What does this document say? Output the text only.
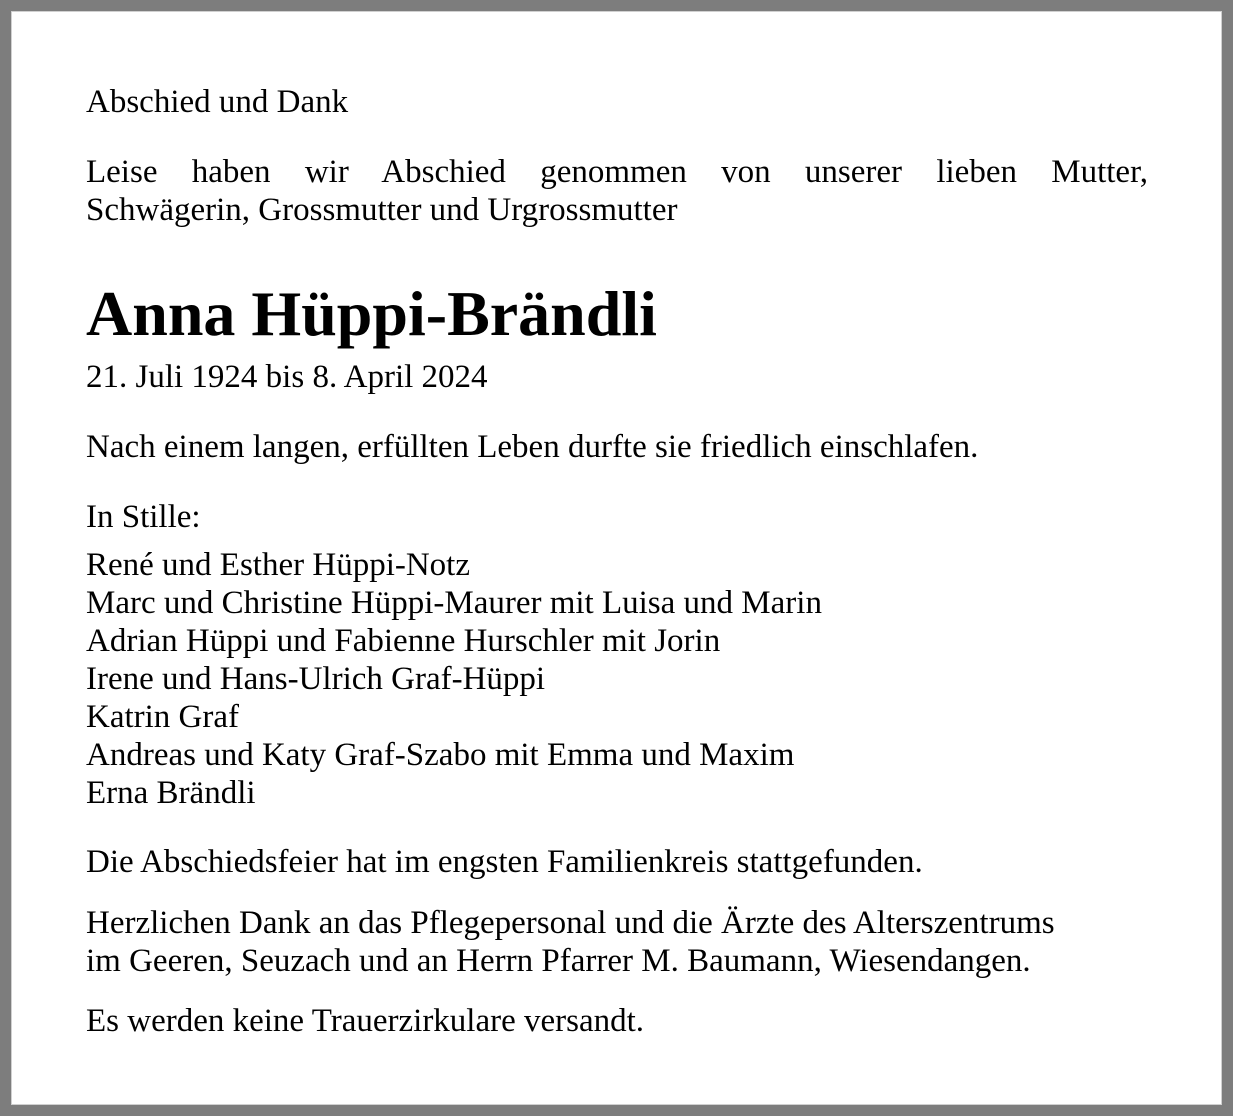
Abschied und Dank

Leise haben wir Abschied genommen von unserer lieben Mutter,
Schwägerin, Grossmutter und Urgrossmutter

Anna Hüppi-Brändli

21. Juli 1924 bis 8. April 2024

Nach einem langen, erfüllten Leben durfte sie friedlich einschlafen.

In Stille:

René und Esther Hüppi-Notz
Marc und Christine Hüppi-Maurer mit Luisa und Marin
Adrian Hüppi und Fabienne Hurschler mit Jorin
Irene und Hans-Ulrich Graf-Hüppi
Katrin Graf
Andreas und Katy Graf-Szabo mit Emma und Maxim
Erna Brändli

Die Abschiedsfeier hat im engsten Familienkreis stattgefunden.

Herzlichen Dank an das Pflegepersonal und die Ärzte des Alterszentrums
im Geeren, Seuzach und an Herrn Pfarrer M. Baumann, Wiesendangen.

Es werden keine Trauerzirkulare versandt.
